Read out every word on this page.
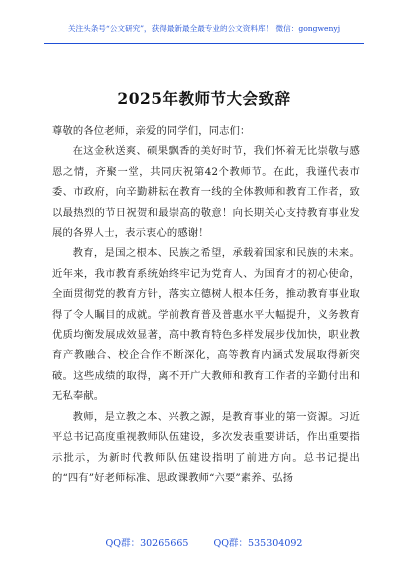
关注头条号“公文研究”，获得最新最全最专业的公文资料库！ 微信：gongwenyj
2025年教师节大会致辞

尊敬的各位老师，亲爱的同学们，同志们：

在这金秋送爽、硕果飘香的美好时节，我们怀着无比崇敬与感恩之情，齐聚一堂，共同庆祝第42个教师节。在此，我谨代表市委、市政府，向辛勤耕耘在教育一线的全体教师和教育工作者，致以最热烈的节日祝贺和最崇高的敬意！向长期关心支持教育事业发展的各界人士，表示衷心的感谢！

教育，是国之根本、民族之希望，承载着国家和民族的未来。近年来，我市教育系统始终牢记为党育人、为国育才的初心使命，全面贯彻党的教育方针，落实立德树人根本任务，推动教育事业取得了令人瞩目的成就。学前教育普及普惠水平大幅提升，义务教育优质均衡发展成效显著，高中教育特色多样发展步伐加快，职业教育产教融合、校企合作不断深化，高等教育内涵式发展取得新突破。这些成绩的取得，离不开广大教师和教育工作者的辛勤付出和无私奉献。

教师，是立教之本、兴教之源，是教育事业的第一资源。习近平总书记高度重视教师队伍建设，多次发表重要讲话，作出重要指示批示，为新时代教师队伍建设指明了前进方向。总书记提出的“四有”好老师标准、思政课教师“六要”素养、弘扬

QQ群：30265665	QQ群：535304092
